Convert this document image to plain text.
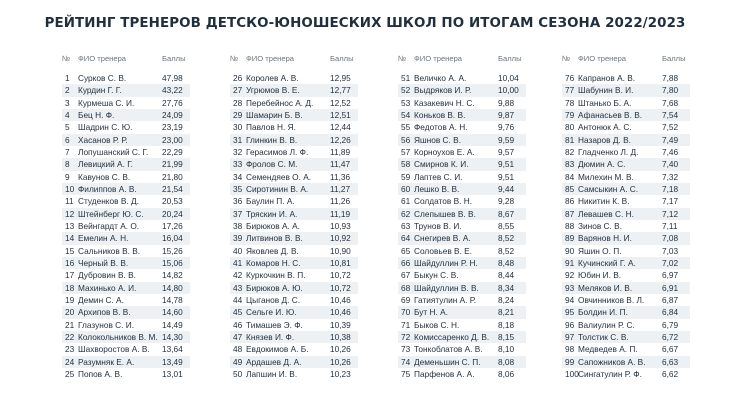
РЕЙТИНГ ТРЕНЕРОВ ДЕТСКО-ЮНОШЕСКИХ ШКОЛ ПО ИТОГАМ СЕЗОНА 2022/2023
№ ФИО тренера	Баллы
1 Сурков С. В.	47,98
2 Курдин Г. Г.	43,22
3 Курмеша С. И.	27,76
4 Бец Н. Ф.	24,09
5 Шадрин С. Ю.	23,19
6 Хасанов Р. Р.	23,00
7 Лопушанский С. Г. 22,29
8 Левицкий А. Г.	21,99
9 Кавунов С. В.	21,80
10 Филиппов А. В.	21,54
11 Студенков В. Д.	20,53
12 Штейнберг Ю. С. 20,24
13 Вейнгардт А. О.	17,26
14 Емелин А. Н.	16,04
15 Сальников В. В.	15,26
16 Черный В. В.	15,06
17 Дубровин В. В.	14,82
18 Махинько А. И.	14,80
19 Демин С. А.	14,78
20 Архипов В. В.	14,60
21 Глазунов С. И.	14,49
22 Колокольников В. М. 14,30
23 Шахворостов А. В. 13,64
24 Разумняк Е. А.	13,49
25 Попов А. В.	13,01
№ ФИО тренера	Баллы
26 Королев А. В.	12,95
27 Угрюмов В. Е.	12,77
28 Перебейнос А. Д. 12,52
29 Шамарин Б. В.	12,51
30 Павлов Н. Я.	12,44
31 Глинкин В. В.	12,26
32 Герасимов Л. Ф.	11,89
33 Фролов С. М.	11,47
34 Семендяев О. А. 11,36
35 Сиротинин В. А.	11,27
36 Баулин П. А.	11,26
37 Тряскин И. А.	11,19
38 Бирюков А. А.	10,93
39 Литвинов В. В.	10,92
40 Яковлев Д. В.	10,90
41 Комаров Н. С.	10,81
42 Куркочкин В. П.	10,72
43 Бирюков А. Ю.	10,72
44 Цыганов Д. С.	10,46
45 Сельге И. Ю.	10,46
46 Тимашев Э. Ф.	10,39
47 Князев И. Ф.	10,38
48 Евдокимов А. Б.	10,26
49 Ардашев Д. А.	10,26
50 Лапшин И. В.	10,23
№ ФИО тренера	Баллы
51 Величко А. А.	10,04
52 Выдряков И. Р.	10,00
53 Казакевич Н. С.	9,88
54 Коньков В. В.	9,87
55 Федотов А. Н.	9,76
56 Яшнов С. В.	9,59
57 Корноухов Е. А.	9,57
58 Смирнов К. И.	9,51
59 Лаптев С. И.	9,51
60 Лешко В. В.	9,44
61 Солдатов В. Н.	9,28
62 Слепышев В. В.	8,67
63 Трунов В. И.	8,55
64 Снегирев В. А.	8,52
65 Соловьев В. Е.	8,52
66 Шайдуллин Р. Н. 8,48
67 Быкун С. В.	8,44
68 Шайдуллин В. В. 8,34
69 Гатиятулин А. Р.	8,24
70 Бут Н. А.	8,21
71 Быков С. Н.	8,18
72 Комиссаренко Д. В. 8,15
73 Тонкоблатов А. В. 8,10
74 Деменьшин С. П. 8,08
75 Парфенов А. А.	8,06
№ ФИО тренера	Баллы
76 Капранов А. В.	7,88
77 Шабунин В. И.	7,80
78 Штанько Б. А.	7,68
79 Афанасьев В. В. 7,54
80 Антонюк А. С.	7,52
81 Назаров Д. В.	7,49
82 Гладченко Л. Д.	7,46
83 Дюмин А. С.	7,40
84 Милехин М. В.	7,32
85 Самсыкин А. С.	7,18
86 Никитин К. В.	7,17
87 Левашев С. Н.	7,12
88 Зинов С. В.	7,11
89 Варянов Н. И.	7,08
90 Яшин О. П.	7,03
91 Кучинский Г. А.	7,02
92 Юбин И. В.	6,97
93 Меляков И. В.	6,91
94 Овчинников В. Л. 6,87
95 Болдин И. П.	6,84
96 Валиулин Р. С.	6,79
97 Толстик С. В.	6,72
98 Медведев А. П.	6,67
99 Сапожников А. В. 6,63
100 Сингатулин Р. Ф. 6,62
